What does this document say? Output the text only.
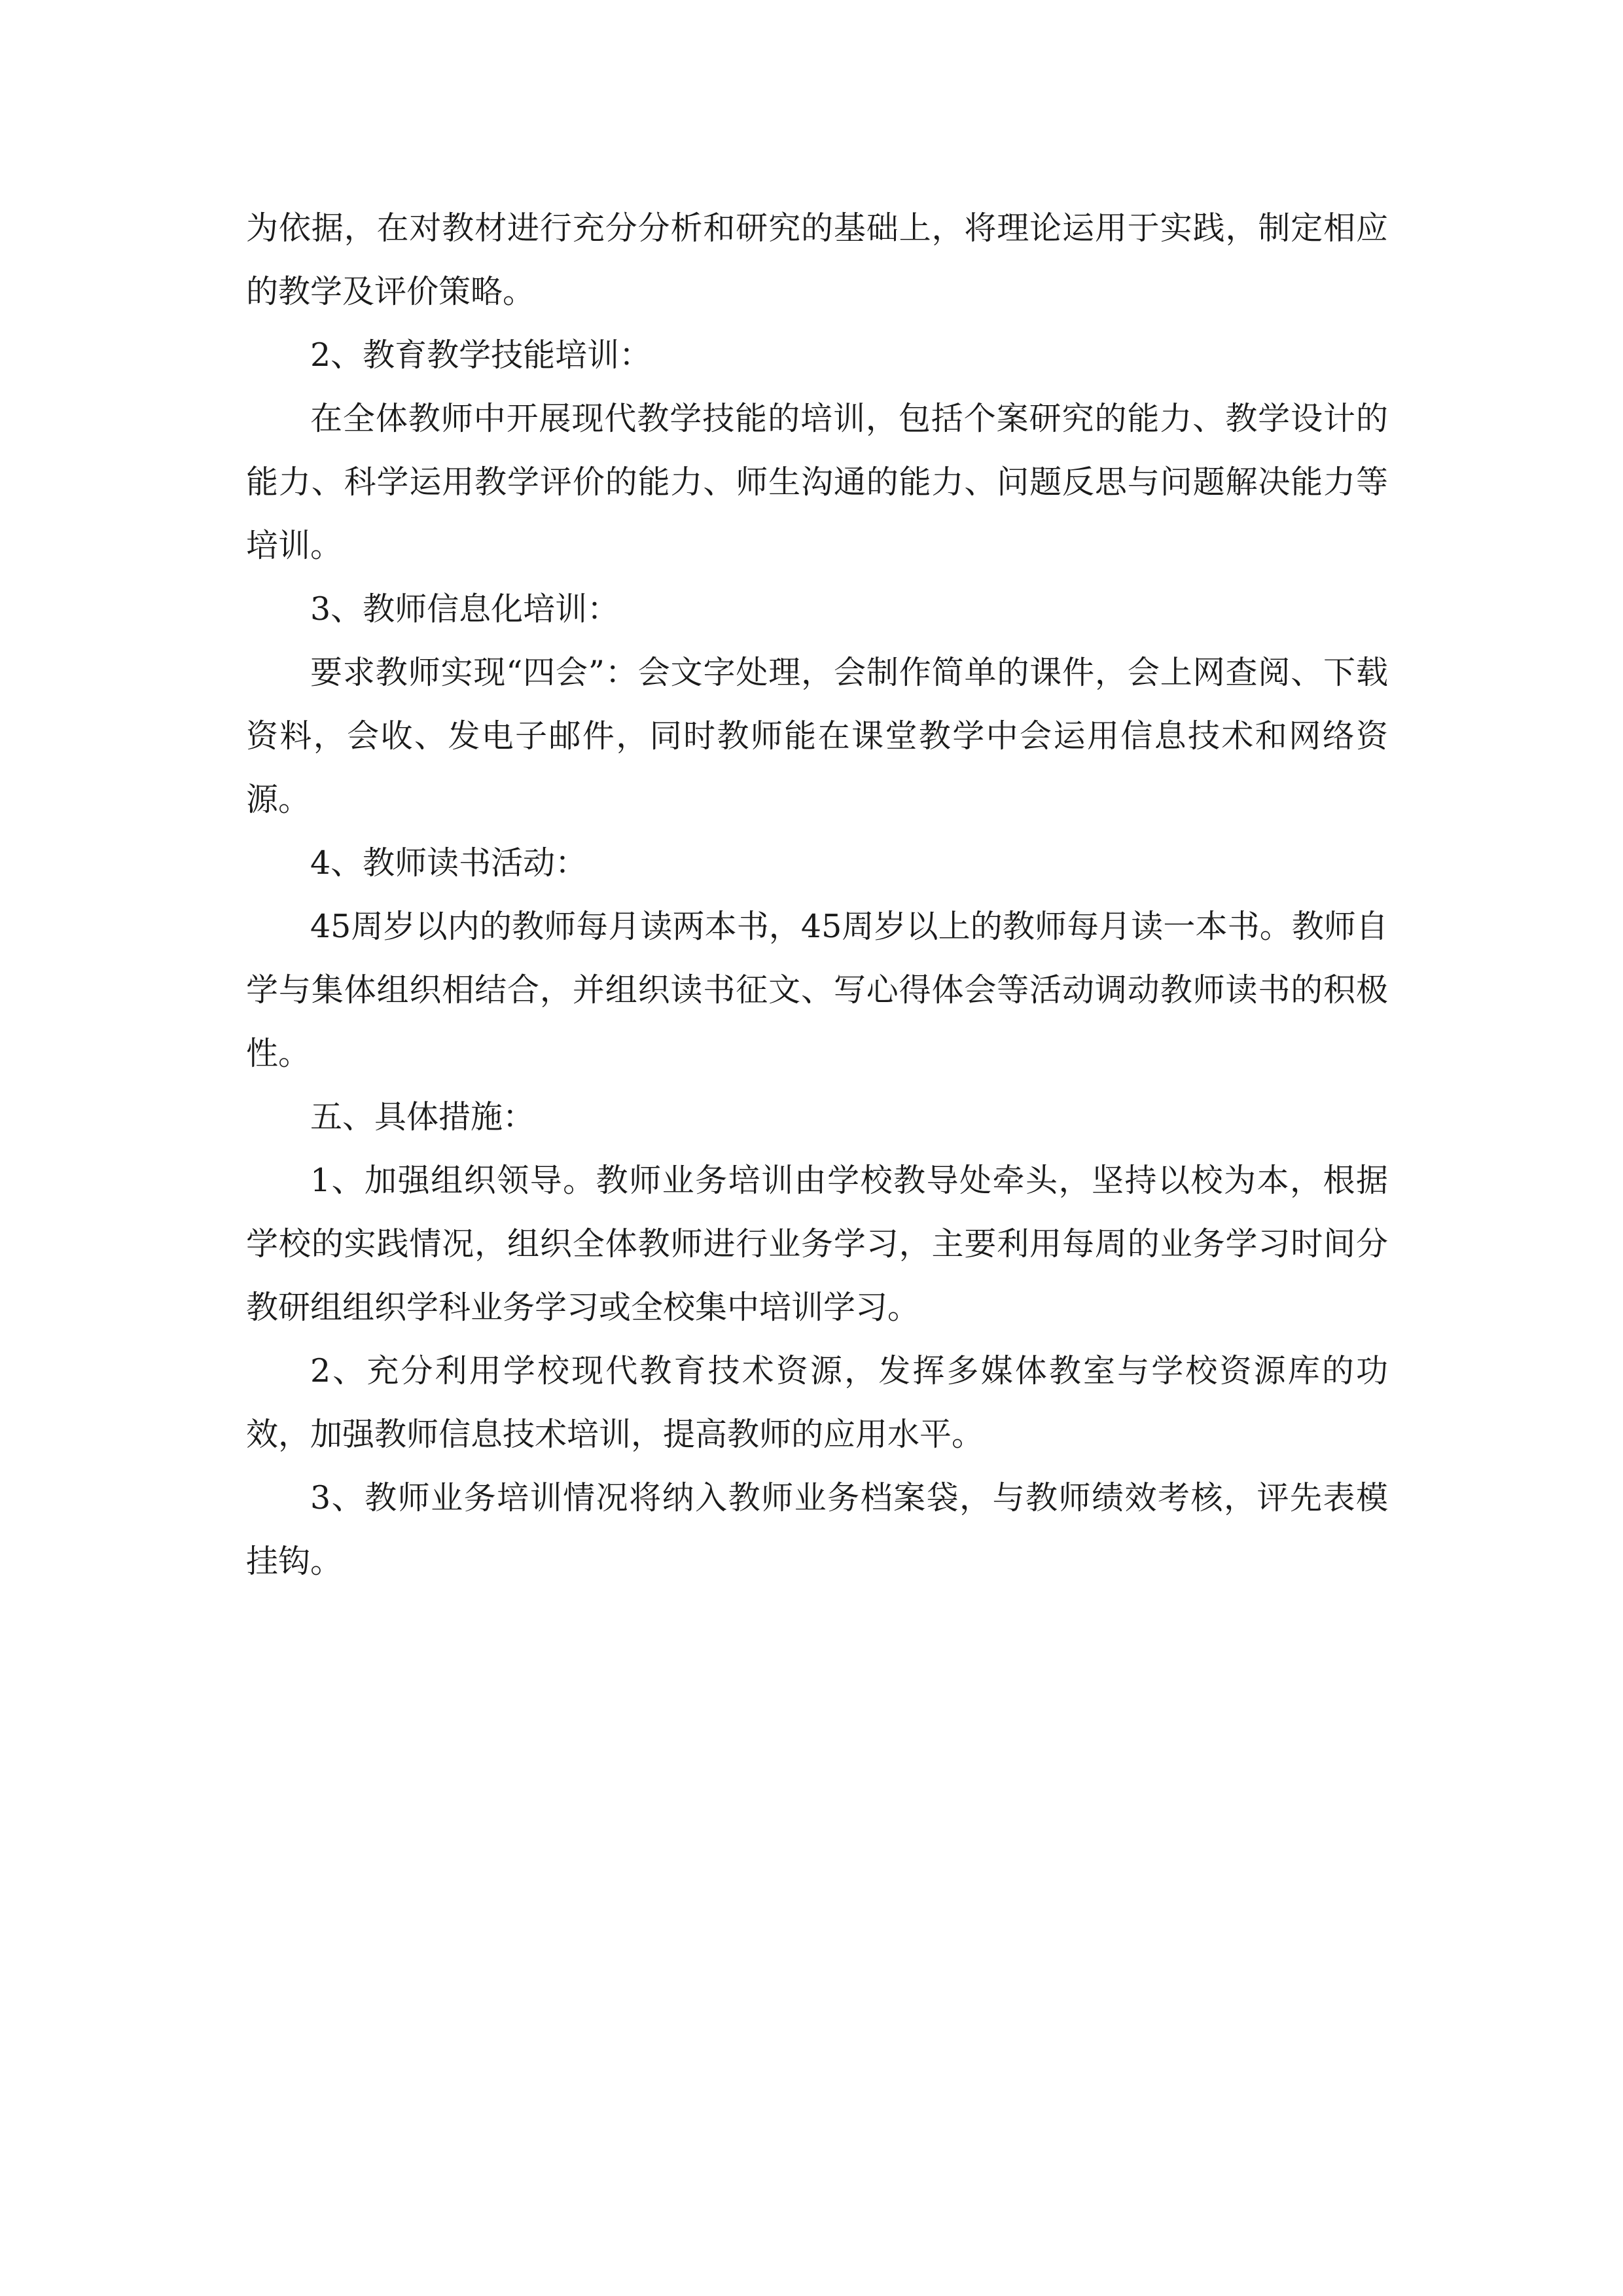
为依据，在对教材进行充分分析和研究的基础上，将理论运用于实践，制定相应的教学及评价策略。

2、教育教学技能培训：

在全体教师中开展现代教学技能的培训，包括个案研究的能力、教学设计的能力、科学运用教学评价的能力、师生沟通的能力、问题反思与问题解决能力等培训。

3、教师信息化培训：

要求教师实现“四会”：会文字处理，会制作简单的课件，会上网查阅、下载资料，会收、发电子邮件，同时教师能在课堂教学中会运用信息技术和网络资源。

4、教师读书活动：

45周岁以内的教师每月读两本书，45周岁以上的教师每月读一本书。教师自学与集体组织相结合，并组织读书征文、写心得体会等活动调动教师读书的积极性。

五、具体措施：

1、加强组织领导。教师业务培训由学校教导处牵头，坚持以校为本，根据学校的实践情况，组织全体教师进行业务学习，主要利用每周的业务学习时间分教研组组织学科业务学习或全校集中培训学习。

2、充分利用学校现代教育技术资源，发挥多媒体教室与学校资源库的功效，加强教师信息技术培训，提高教师的应用水平。

3、教师业务培训情况将纳入教师业务档案袋，与教师绩效考核，评先表模挂钩。
